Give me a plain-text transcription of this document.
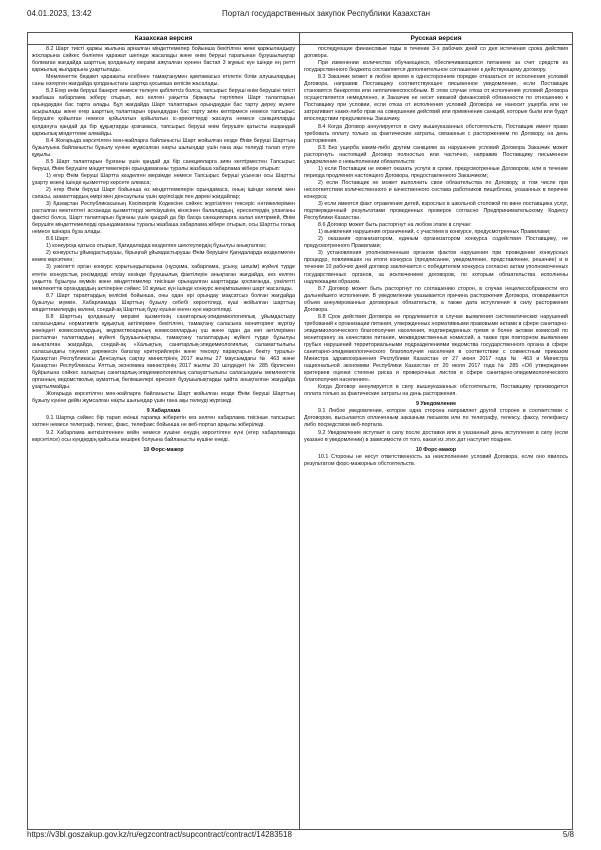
04.01.2023, 13:42	Портал государственных закупок Республики Казахстан
Казахская версия

8.2 Шарт тиісті қаржы жылына арналған міндеттемелер бойынша бекітілген жеке қаржыландыру жоспарына сәйкес бөлінген қаражат шегінде жасалады және өнім беруші тарапынан бұзушылықтар болмаған жағдайда шарттың қолданылу мерзімі аяқталған күннен бастап 3 жұмыс күн ішінде ең ретті қаржылық жылдарына ұзартылады.

Мемлекеттік бюджет қаражаты есебінен тамақтанумен қамтамасыз етілетін білім алушылардың саны өзгерген жағдайда қолданыстағы шартқа қосымша келісім жасалады.

8.3 Егер өнім беруші банкрот немесе төлеуге қабілетсіз болса, тапсырыс беруші өнім берушіні тиісті жазбаша хабарлама жіберу отырып, кез келген уақытта біржақты тәртіппен Шарт талаптарын орындаудан бас тарта алады. Бұл жағдайда Шарт талаптарын орындаудан бас тарту дереу жүзеге асырылады және егер шарттың талаптарын орындаудан бас тарту зиян келтірмесе немесе тапсырыс берушіге қойылған немесе қойылатын қойылатын іс-әрекеттерді жасауға немесе санкцияларды қолдануға қандай да бір құқықтарды қозғамаса, тапсырыс беруші өнім берушіге қатысты ешқандай қаржылық міндеттеме алмайды.

8.4 Жоғарыда көрсетілген мән-жайларға байланысты Шарт жойылған кезде Өнім беруші Шарттың бұзылуына байланысты бұзылу күніне жұмсалған нақты шығындар үшін ғана ақы төлеуді талап етуге құқылы.

8.5 Шарт талаптарын бұзғаны үшін қандай да бір санкцияларға зиян келтірместен Тапсырыс беруші, Өнім берушіге міндеттемелерін орындамағаны туралы жазбаша хабарлама жібере отырып:

1) егер Өнім беруші Шартта көзделген мерзімде немесе Тапсырыс беруші ұсынған осы Шартты ұзарту кезеңі ішінде қызметтер көрсете алмаса;

2) егер Өнім беруші Шарт бойынша өз міндеттемелерін орындамаса, оның ішінде көлемі мен сапасы, азаматтардың өмірі мен денсаулығы үшін қауіпсіздік пен дөрекі жағдайлар;

3) Қазақстан Республикасының Кәсіпкерлік Кодексіне сәйкес жүргізілген тексеріс нәтижелерімен расталған мектептегі асханада қызметтерді жеткізушінің кінәсінен балалардың, ересектердің уланғаны фактісі болса, Шарт талаптарын бұзғаны үшін қандай да бір басқа санкцияларға залал келтірмей, Өнім берушіге міндеттемелерді орындамағаны туралы жазбаша хабарлама жібере отырып, осы Шартты толық немесе ішінара бұза алады.

8.6 Шарт:

1) конкурсқа қатыса отырып, Қағидаларда көзделген шектеулердің бұзылуы анықталған;

2) конкурсты ұйымдастырушы, бірыңғай ұйымдастырушы Өнім берушіге Қағидаларда көзделмеген кемек көрсеткен;

3) уәкілетті орган конкурс қорытындыларына (нұсқама, хабарлама, ұсыну, шешім) жүйелі түрде ететін конкурстық рәсімдерді өткізу кезінде бұзушылық фактілерін анықтаған жағдайда, кез келген уақытта бұзылуы мүмкін және міндеттемелер тиісінше орындалған шарттарды қоспағанда, уәкілетті мемлекеттік органдардың актілеріне сәйкес 10 жұмыс күн ішінде конкурс жеңімпазымен шарт жасалады.

8.7 Шарт тараптардың келісімі бойынша, оны одан әрі орындау мақсатсыз болған жағдайда бұзылуы мүмкін. Хабарламада Шарттың бұзылу себебі көрсетіледі, күші жойылған шарттың міндеттемелердің көлемі, сондай-ақ Шарттың бұзу күшіне енген күні көрсетіледі.

8.8 Шарттың қолданылу мерзімі қызметінің санитарлық-эпидемиологиялық ұйымдастыру саласындағы нормативтік құқықтық актілермен бекітілген, тамақтану саласына мониторинг жүргізу жөніндегі комиссиялардың, ведомствоаралық комиссиялардың үш және одан да көп актілерімен расталған талаптардың жүйелі бұзушылықтары, тамақтану талаптардың жүйелі түрде бұзылуы анықталған жағдайда, сондай-ақ «Халықтың санитарлық-эпидемиологиялық саламаттылығы саласындағы тәуекел дәрежесін бағалау критерийлерін және тексеру парақтарын бекіту туралы» Қазақстан Республикасы Денсаулық сақтау министрінің 2017 жылғы 27 маусымдағы № 463 және Қазақстан Республикасы Ұлттық экономика министрінің 2017 жылғы 20 шілдедегі № 285 бірлескен бұйрығына сәйкес халықтың санитарлық-эпидемиологиялық салауаттылығы саласындағы мемлекеттік органның ведомстволық ауматтық бөлімшелері өрескел бұзушылықтарды қайта анықталған жағдайда ұзартылмайды.

Жоғарыда көрсетілген мән-жайларға байланысты Шарт жойылған кезде Өнім беруші Шарттың бұзылу күніне дейін жұмсалған нақты шығындар үшін ғана ақы төлеуді жүргізеді.

9 Хабарлама

9.1 Шартқа сәйкес бір тарап екінші тарапқа жіберетін кез келген хабарлама тиісінше тапсырыс хатпен немесе телеграф, телекс, факс, телефакс бойынша не веб-портал арқылы жіберіледі.

9.2 Хабарлама жеткізілгеннен кейін немесе күшіне енудің көрсетілген күні (егер хабарламада көрсетілсе) осы күндердің қайсысы кешірек болуына байланысты күшіне енеді.

10 Форс-мажор

Русская версия

последующие финансовые годы в течение 3-х рабочих дней со дня истечения срока действия договора.

При изменении количества обучающихся, обеспечивающихся питанием за счет средств из государственного бюджета составляется дополнительное соглашение к действующему договору.

8.3 Заказчик может в любое время в одностороннем порядке отказаться от исполнения условий Договора, направив Поставщику соответствующее письменное уведомление, если Поставщик становится банкротом или неплатежеспособным. В этом случае отказ от исполнения условий Договора осуществляется немедленно, и Заказчик не несет никакой финансовой обязанности по отношению к Поставщику при условии, если отказ от исполнения условий Договора не наносит ущерба или не затрагивает каких-либо прав на совершение действий или применение санкций, которые были или будут впоследствии предъявлены Заказчику.

8.4 Когда Договор аннулируется в силу вышеуказанных обстоятельств, Поставщик имеет право требовать оплату только за фактические затраты, связанные с расторжением по Договору, на день расторжения.

8.5 Без ущерба каким-либо другим санкциям за нарушение условий Договора Заказчик может расторгнуть настоящий Договор полностью или частично, направив Поставщику письменное уведомление о невыполнении обязательств:

1) если Поставщик не может оказать услуги в сроки, предусмотренные Договором, или в течение периода продления настоящего Договора, предоставленного Заказчиком;

2) если Поставщик не может выполнить свои обязательства по Договору, в том числе при несоответствии количественного и качественного состава работников пищеблока, указанных в перечне конкурса;

3) если имеется факт отравления детей, взрослых в школьной столовой по вине поставщика услуг, подтвержденный результатами проведенных проверок согласно Предпринимательскому Кодексу Республики Казахстан.

8.6 Договор может быть расторгнут на любом этапе в случае:

1) выявления нарушения ограничений, с участием в конкурсе, предусмотренных Правилами;

2) оказания организатором, единым организатором конкурса содействия Поставщику, не предусмотренного Правилами;

3) установления уполномоченным органом фактов нарушения при проведении конкурсных процедур, повлиявших на итоги конкурса (предписание, уведомление, представление, решение) и в течение 10 рабочих дней договор заключается с победителем конкурса согласно актам уполномоченных государственных органов, за исключением договоров, по которым обязательства исполнены надлежащим образом.

8.7 Договор может быть расторгнут по соглашению сторон, в случае нецелесообразности его дальнейшего исполнения. В уведомлении указывается причина расторжения Договора, оговаривается объем аннулированных договорных обязательств, а также дата вступления в силу расторжения Договора.

8.8 Срок действия Договора не продлевается в случае выявления систематических нарушений требований к организации питания, утвержденных нормативными правовыми актами в сфере санитарно-эпидемиологического благополучия населения, подтвержденных тремя и более актами комиссий по мониторингу за качеством питания, межведомственных комиссий, а также при повторном выявлении грубых нарушений территориальными подразделениями ведомства государственного органа в сфере санитарно-эпидемиологического благополучия населения в соответствии с совместным приказом Министра здравоохранения Республики Казахстан от 27 июня 2017 года № 463 и Министра национальной экономики Республики Казахстан от 20 июля 2017 года № 285 «Об утверждении критериев оценки степени риска и проверочных листов в сфере санитарно-эпидемиологического благополучия населения».

Когда Договор аннулируется в силу вышеуказанных обстоятельств, Поставщику производится оплата только за фактические затраты на день расторжения.

9 Уведомление

9.1 Любое уведомление, которое одна сторона направляет другой стороне в соответствии с Договором, высылается оплаченным заказным письмом или по телеграфу, телексу, факсу, телефаксу либо посредством веб-портала.

9.2 Уведомление вступает в силу после доставки или в указанный день вступления в силу (если указано в уведомлении) в зависимости от того, какая из этих дат наступит позднее.

10 Форс-мажор

10.1 Стороны не несут ответственность за неисполнение условий Договора, если оно явилось результатом форс-мажорных обстоятельств.

https://v3bl.goszakup.gov.kz/ru/egzcontract/supcontract/contract/14283518	5/8
